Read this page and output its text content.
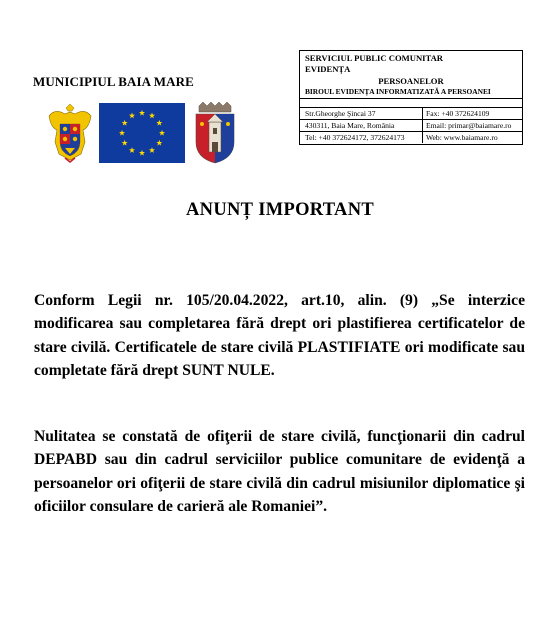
MUNICIPIUL BAIA MARE
SERVICIUL PUBLIC COMUNITAR
EVIDENȚA
PERSOANELOR
BIROUL EVIDENȚA INFORMATIZATĂ A PERSOANEI
Str.Gheorghe Şincai 37	Fax: +40 372624109
430311, Baia Mare, România	Email: primar@baiamare.ro
Tel: +40 372624172, 372624173	Web: www.baiamare.ro
ANUNȚ IMPORTANT
Conform Legii nr. 105/20.04.2022, art.10, alin. (9) „Se interzice modificarea sau completarea fără drept ori plastifierea certificatelor de stare civilă. Certificatele de stare civilă PLASTIFIATE ori modificate sau completate fără drept SUNT NULE.
Nulitatea se constată de ofiţerii de stare civilă, funcţionarii din cadrul DEPABD sau din cadrul serviciilor publice comunitare de evidenţă a persoanelor ori ofiţerii de stare civilă din cadrul misiunilor diplomatice şi oficiilor consulare de carieră ale Romaniei”.
